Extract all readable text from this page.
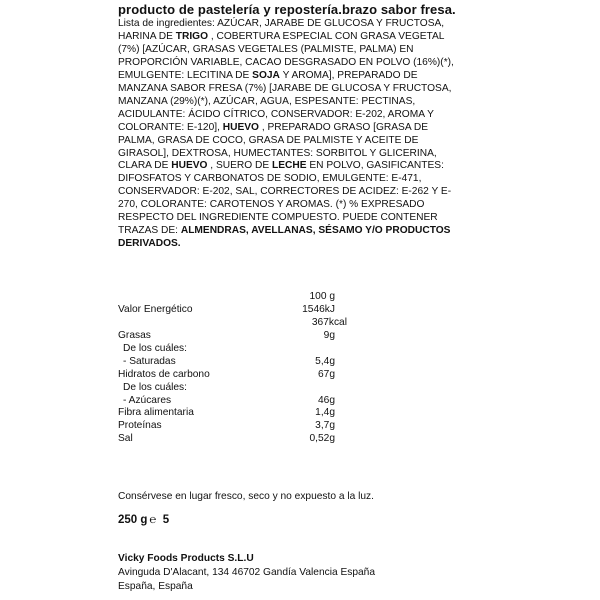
producto de pastelería y repostería.brazo sabor fresa.

Lista de ingredientes: AZÚCAR, JARABE DE GLUCOSA Y FRUCTOSA, HARINA DE TRIGO , COBERTURA ESPECIAL CON GRASA VEGETAL (7%) [AZÚCAR, GRASAS VEGETALES (PALMISTE, PALMA) EN PROPORCIÓN VARIABLE, CACAO DESGRASADO EN POLVO (16%)(*), EMULGENTE: LECITINA DE SOJA Y AROMA], PREPARADO DE MANZANA SABOR FRESA (7%) [JARABE DE GLUCOSA Y FRUCTOSA, MANZANA (29%)(*), AZÚCAR, AGUA, ESPESANTE: PECTINAS, ACIDULANTE: ÁCIDO CÍTRICO, CONSERVADOR: E-202, AROMA Y COLORANTE: E-120], HUEVO , PREPARADO GRASO [GRASA DE PALMA, GRASA DE COCO, GRASA DE PALMISTE Y ACEITE DE GIRASOL], DEXTROSA, HUMECTANTES: SORBITOL Y GLICERINA, CLARA DE HUEVO , SUERO DE LECHE EN POLVO, GASIFICANTES: DIFOSFATOS Y CARBONATOS DE SODIO, EMULGENTE: E-471, CONSERVADOR: E-202, SAL, CORRECTORES DE ACIDEZ: E-262 Y E-270, COLORANTE: CAROTENOS Y AROMAS. (*) % EXPRESADO RESPECTO DEL INGREDIENTE COMPUESTO. PUEDE CONTENER TRAZAS DE: ALMENDRAS, AVELLANAS, SÉSAMO Y/O PRODUCTOS DERIVADOS.

100 g
Valor Energético	1546kJ
367kcal
Grasas	9g
De los cuáles:
- Saturadas	5,4g
Hidratos de carbono	67g
De los cuáles:
- Azúcares	46g
Fibra alimentaria	1,4g
Proteínas	3,7g
Sal	0,52g
Consérvese en lugar fresco, seco y no expuesto a la luz.
250 g ℮ 5
Vicky Foods Products S.L.U
Avinguda D'Alacant, 134 46702 Gandía Valencia España
España, España
